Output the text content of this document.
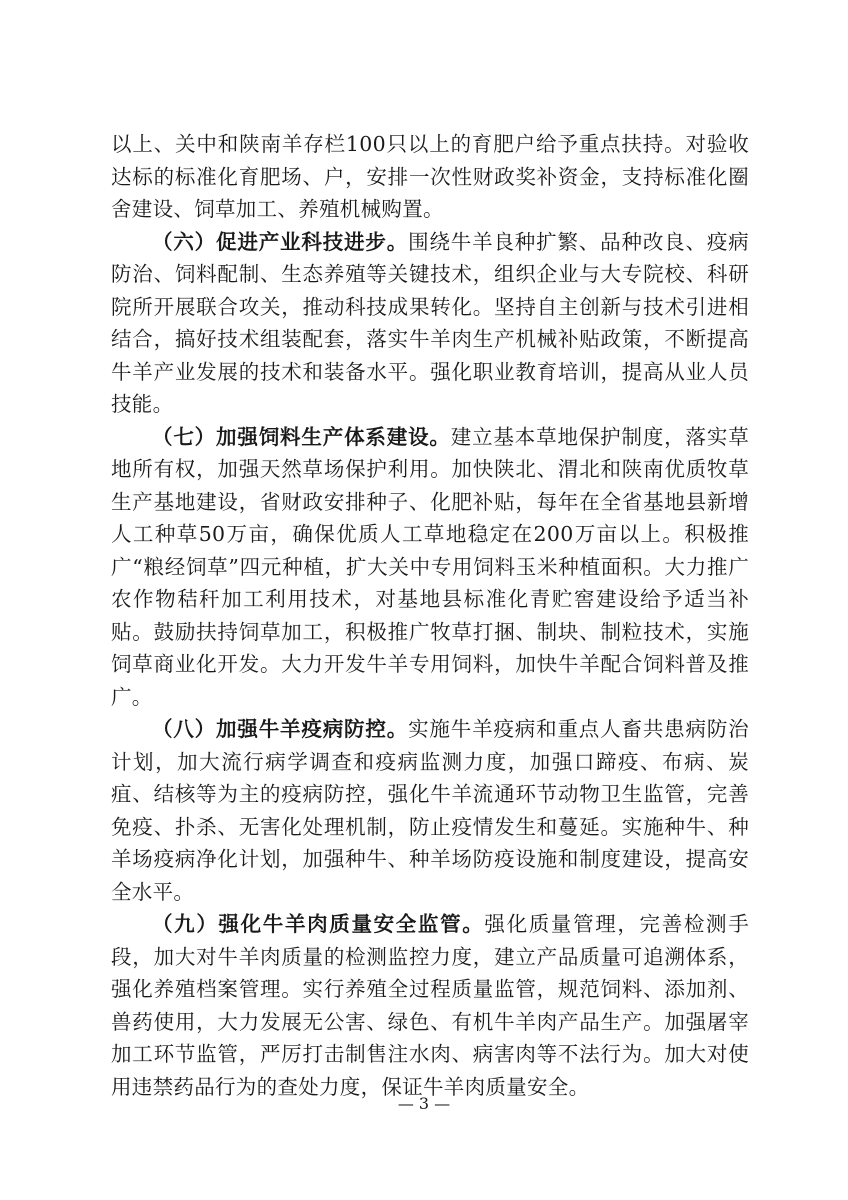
以上、关中和陕南羊存栏100只以上的育肥户给予重点扶持。对验收达标的标准化育肥场、户，安排一次性财政奖补资金，支持标准化圈舍建设、饲草加工、养殖机械购置。

（六）促进产业科技进步。围绕牛羊良种扩繁、品种改良、疫病防治、饲料配制、生态养殖等关键技术，组织企业与大专院校、科研院所开展联合攻关，推动科技成果转化。坚持自主创新与技术引进相结合，搞好技术组装配套，落实牛羊肉生产机械补贴政策，不断提高牛羊产业发展的技术和装备水平。强化职业教育培训，提高从业人员技能。

（七）加强饲料生产体系建设。建立基本草地保护制度，落实草地所有权，加强天然草场保护利用。加快陕北、渭北和陕南优质牧草生产基地建设，省财政安排种子、化肥补贴，每年在全省基地县新增人工种草50万亩，确保优质人工草地稳定在200万亩以上。积极推广“粮经饲草”四元种植，扩大关中专用饲料玉米种植面积。大力推广农作物秸秆加工利用技术，对基地县标准化青贮窖建设给予适当补贴。鼓励扶持饲草加工，积极推广牧草打捆、制块、制粒技术，实施饲草商业化开发。大力开发牛羊专用饲料，加快牛羊配合饲料普及推广。

（八）加强牛羊疫病防控。实施牛羊疫病和重点人畜共患病防治计划，加大流行病学调查和疫病监测力度，加强口蹄疫、布病、炭疽、结核等为主的疫病防控，强化牛羊流通环节动物卫生监管，完善免疫、扑杀、无害化处理机制，防止疫情发生和蔓延。实施种牛、种羊场疫病净化计划，加强种牛、种羊场防疫设施和制度建设，提高安全水平。

（九）强化牛羊肉质量安全监管。强化质量管理，完善检测手段，加大对牛羊肉质量的检测监控力度，建立产品质量可追溯体系，强化养殖档案管理。实行养殖全过程质量监管，规范饲料、添加剂、兽药使用，大力发展无公害、绿色、有机牛羊肉产品生产。加强屠宰加工环节监管，严厉打击制售注水肉、病害肉等不法行为。加大对使用违禁药品行为的查处力度，保证牛羊肉质量安全。

— 3 —
